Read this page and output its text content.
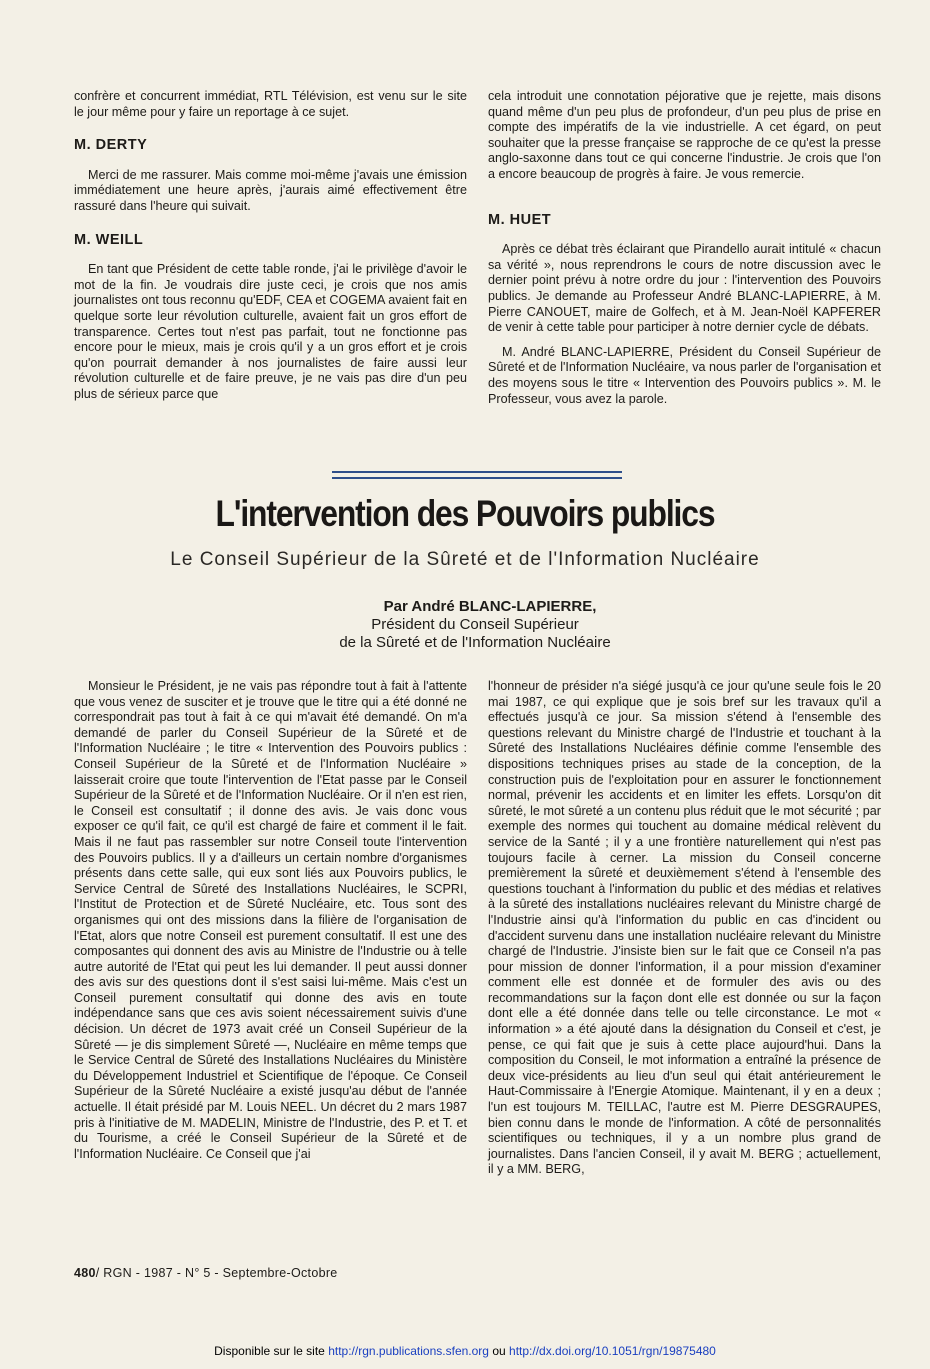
confrère et concurrent immédiat, RTL Télévision, est venu sur le site le jour même pour y faire un reportage à ce sujet.

M. DERTY

Merci de me rassurer. Mais comme moi-même j'avais une émission immédiatement une heure après, j'aurais aimé effectivement être rassuré dans l'heure qui suivait.

M. WEILL

En tant que Président de cette table ronde, j'ai le privilège d'avoir le mot de la fin. Je voudrais dire juste ceci, je crois que nos amis journalistes ont tous reconnu qu'EDF, CEA et COGEMA avaient fait en quelque sorte leur révolution culturelle, avaient fait un gros effort de transparence. Certes tout n'est pas parfait, tout ne fonctionne pas encore pour le mieux, mais je crois qu'il y a un gros effort et je crois qu'on pourrait demander à nos journalistes de faire aussi leur révolution culturelle et de faire preuve, je ne vais pas dire d'un peu plus de sérieux parce que

cela introduit une connotation péjorative que je rejette, mais disons quand même d'un peu plus de profondeur, d'un peu plus de prise en compte des impératifs de la vie industrielle. A cet égard, on peut souhaiter que la presse française se rapproche de ce qu'est la presse anglo-saxonne dans tout ce qui concerne l'industrie. Je crois que l'on a encore beaucoup de progrès à faire. Je vous remercie.

M. HUET

Après ce débat très éclairant que Pirandello aurait intitulé « chacun sa vérité », nous reprendrons le cours de notre discussion avec le dernier point prévu à notre ordre du jour : l'intervention des Pouvoirs publics. Je demande au Professeur André BLANC-LAPIERRE, à M. Pierre CANOUET, maire de Golfech, et à M. Jean-Noël KAPFERER de venir à cette table pour participer à notre dernier cycle de débats.

M. André BLANC-LAPIERRE, Président du Conseil Supérieur de Sûreté et de l'Information Nucléaire, va nous parler de l'organisation et des moyens sous le titre « Intervention des Pouvoirs publics ». M. le Professeur, vous avez la parole.

L'intervention des Pouvoirs publics
Le Conseil Supérieur de la Sûreté et de l'Information Nucléaire
Par André BLANC-LAPIERRE,
Président du Conseil Supérieur
de la Sûreté et de l'Information Nucléaire

Monsieur le Président, je ne vais pas répondre tout à fait à l'attente que vous venez de susciter et je trouve que le titre qui a été donné ne correspondrait pas tout à fait à ce qui m'avait été demandé. On m'a demandé de parler du Conseil Supérieur de la Sûreté et de l'Information Nucléaire ; le titre « Intervention des Pouvoirs publics : Conseil Supérieur de la Sûreté et de l'Information Nucléaire » laisserait croire que toute l'intervention de l'Etat passe par le Conseil Supérieur de la Sûreté et de l'Information Nucléaire. Or il n'en est rien, le Conseil est consultatif ; il donne des avis. Je vais donc vous exposer ce qu'il fait, ce qu'il est chargé de faire et comment il le fait. Mais il ne faut pas rassembler sur notre Conseil toute l'intervention des Pouvoirs publics. Il y a d'ailleurs un certain nombre d'organismes présents dans cette salle, qui eux sont liés aux Pouvoirs publics, le Service Central de Sûreté des Installations Nucléaires, le SCPRI, l'Institut de Protection et de Sûreté Nucléaire, etc. Tous sont des organismes qui ont des missions dans la filière de l'organisation de l'Etat, alors que notre Conseil est purement consultatif. Il est une des composantes qui donnent des avis au Ministre de l'Industrie ou à telle autre autorité de l'Etat qui peut les lui demander. Il peut aussi donner des avis sur des questions dont il s'est saisi lui-même. Mais c'est un Conseil purement consultatif qui donne des avis en toute indépendance sans que ces avis soient nécessairement suivis d'une décision. Un décret de 1973 avait créé un Conseil Supérieur de la Sûreté — je dis simplement Sûreté —, Nucléaire en même temps que le Service Central de Sûreté des Installations Nucléaires du Ministère du Développement Industriel et Scientifique de l'époque. Ce Conseil Supérieur de la Sûreté Nucléaire a existé jusqu'au début de l'année actuelle. Il était présidé par M. Louis NEEL. Un décret du 2 mars 1987 pris à l'initiative de M. MADELIN, Ministre de l'Industrie, des P. et T. et du Tourisme, a créé le Conseil Supérieur de la Sûreté et de l'Information Nucléaire. Ce Conseil que j'ai

l'honneur de présider n'a siégé jusqu'à ce jour qu'une seule fois le 20 mai 1987, ce qui explique que je sois bref sur les travaux qu'il a effectués jusqu'à ce jour. Sa mission s'étend à l'ensemble des questions relevant du Ministre chargé de l'Industrie et touchant à la Sûreté des Installations Nucléaires définie comme l'ensemble des dispositions techniques prises au stade de la conception, de la construction puis de l'exploitation pour en assurer le fonctionnement normal, prévenir les accidents et en limiter les effets. Lorsqu'on dit sûreté, le mot sûreté a un contenu plus réduit que le mot sécurité ; par exemple des normes qui touchent au domaine médical relèvent du service de la Santé ; il y a une frontière naturellement qui n'est pas toujours facile à cerner. La mission du Conseil concerne premièrement la sûreté et deuxièmement s'étend à l'ensemble des questions touchant à l'information du public et des médias et relatives à la sûreté des installations nucléaires relevant du Ministre chargé de l'Industrie ainsi qu'à l'information du public en cas d'incident ou d'accident survenu dans une installation nucléaire relevant du Ministre chargé de l'Industrie. J'insiste bien sur le fait que ce Conseil n'a pas pour mission de donner l'information, il a pour mission d'examiner comment elle est donnée et de formuler des avis ou des recommandations sur la façon dont elle est donnée ou sur la façon dont elle a été donnée dans telle ou telle circonstance. Le mot « information » a été ajouté dans la désignation du Conseil et c'est, je pense, ce qui fait que je suis à cette place aujourd'hui. Dans la composition du Conseil, le mot information a entraîné la présence de deux vice-présidents au lieu d'un seul qui était antérieurement le Haut-Commissaire à l'Energie Atomique. Maintenant, il y en a deux ; l'un est toujours M. TEILLAC, l'autre est M. Pierre DESGRAUPES, bien connu dans le monde de l'information. A côté de personnalités scientifiques ou techniques, il y a un nombre plus grand de journalistes. Dans l'ancien Conseil, il y avait M. BERG ; actuellement, il y a MM. BERG,

480/ RGN - 1987 - N° 5 - Septembre-Octobre
Disponible sur le site http://rgn.publications.sfen.org ou http://dx.doi.org/10.1051/rgn/19875480
